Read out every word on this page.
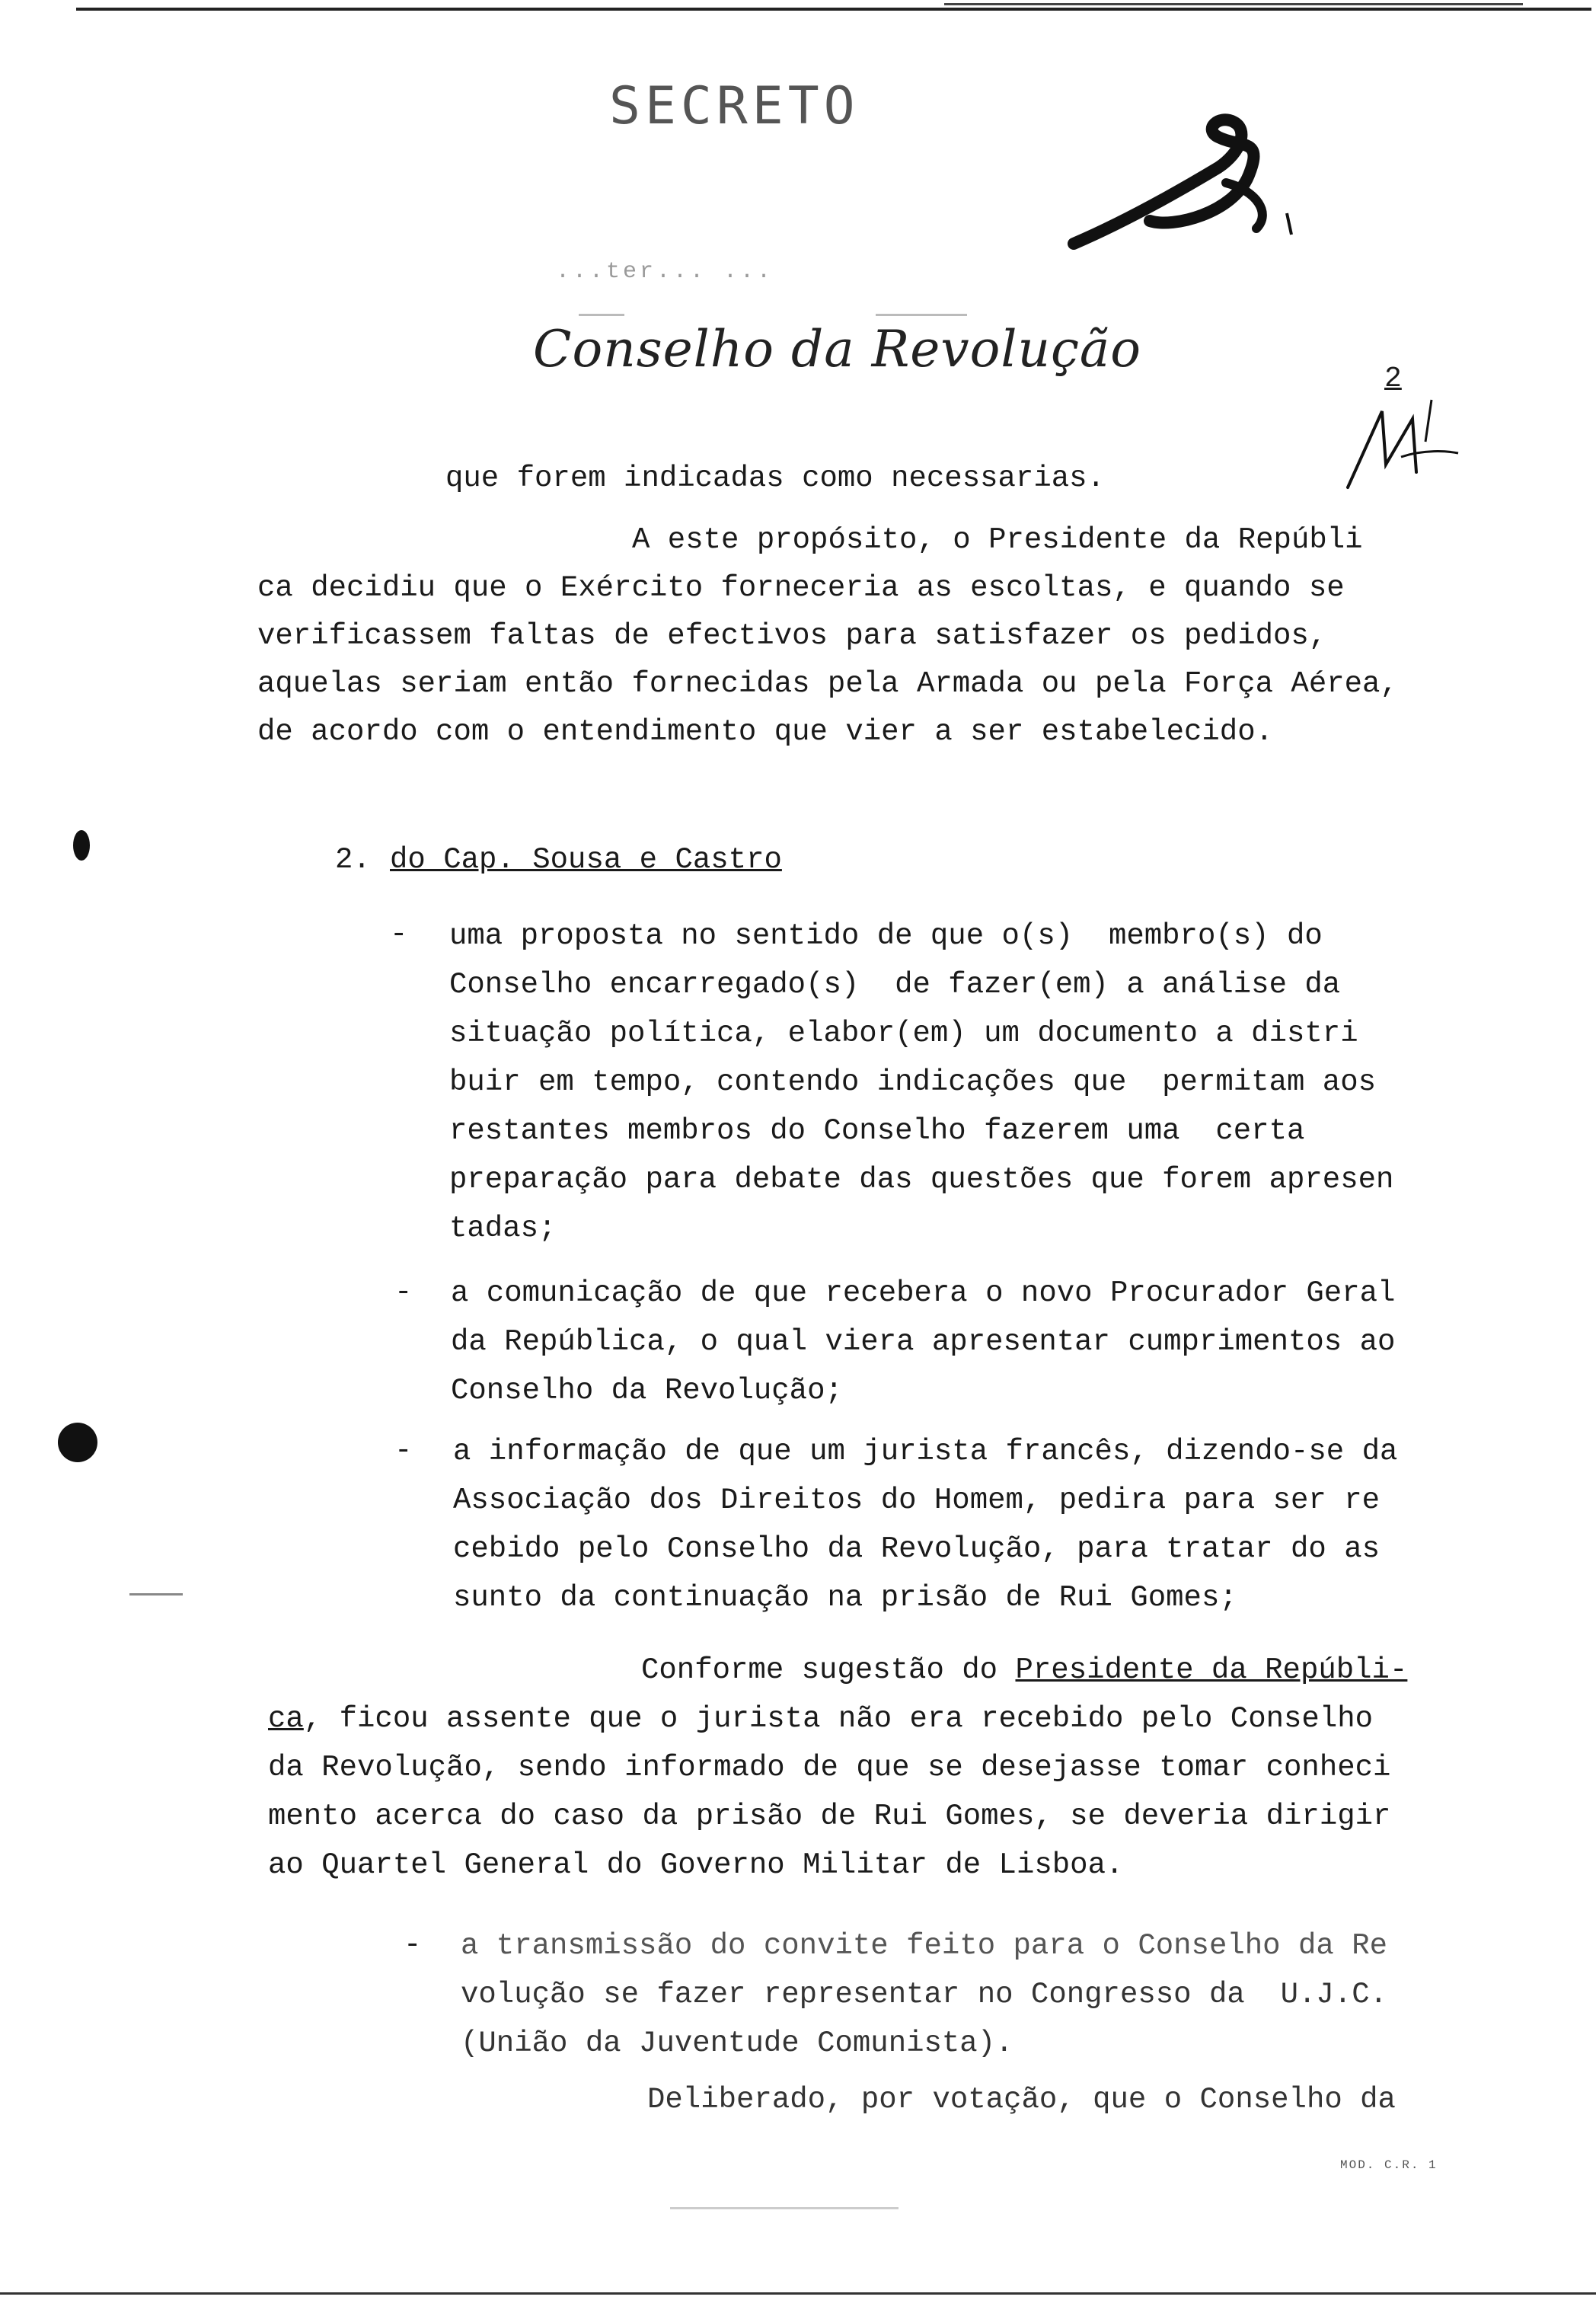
SECRETO
...ter... ...
Conselho da Revolução
2
que forem indicadas como necessarias.
A este propósito, o Presidente da Repúbli
ca decidiu que o Exército forneceria as escoltas, e quando se
verificassem faltas de efectivos para satisfazer os pedidos,
aquelas seriam então fornecidas pela Armada ou pela Força Aérea,
de acordo com o entendimento que vier a ser estabelecido.
2. do Cap. Sousa e Castro
- uma proposta no sentido de que o(s)  membro(s) do
Conselho encarregado(s)  de fazer(em) a análise da
situação política, elabor(em) um documento a distri
buir em tempo, contendo indicações que  permitam aos
restantes membros do Conselho fazerem uma  certa
preparação para debate das questões que forem apresen
tadas;
- a comunicação de que recebera o novo Procurador Geral
da República, o qual viera apresentar cumprimentos ao
Conselho da Revolução;
- a informação de que um jurista francês, dizendo-se da
Associação dos Direitos do Homem, pedira para ser re
cebido pelo Conselho da Revolução, para tratar do as
sunto da continuação na prisão de Rui Gomes;
Conforme sugestão do Presidente da Repúbli-
ca, ficou assente que o jurista não era recebido pelo Conselho
da Revolução, sendo informado de que se desejasse tomar conheci
mento acerca do caso da prisão de Rui Gomes, se deveria dirigir
ao Quartel General do Governo Militar de Lisboa.
- a transmissão do convite feito para o Conselho da Re
volução se fazer representar no Congresso da  U.J.C.
(União da Juventude Comunista).
Deliberado, por votação, que o Conselho da
MOD. C.R. 1
